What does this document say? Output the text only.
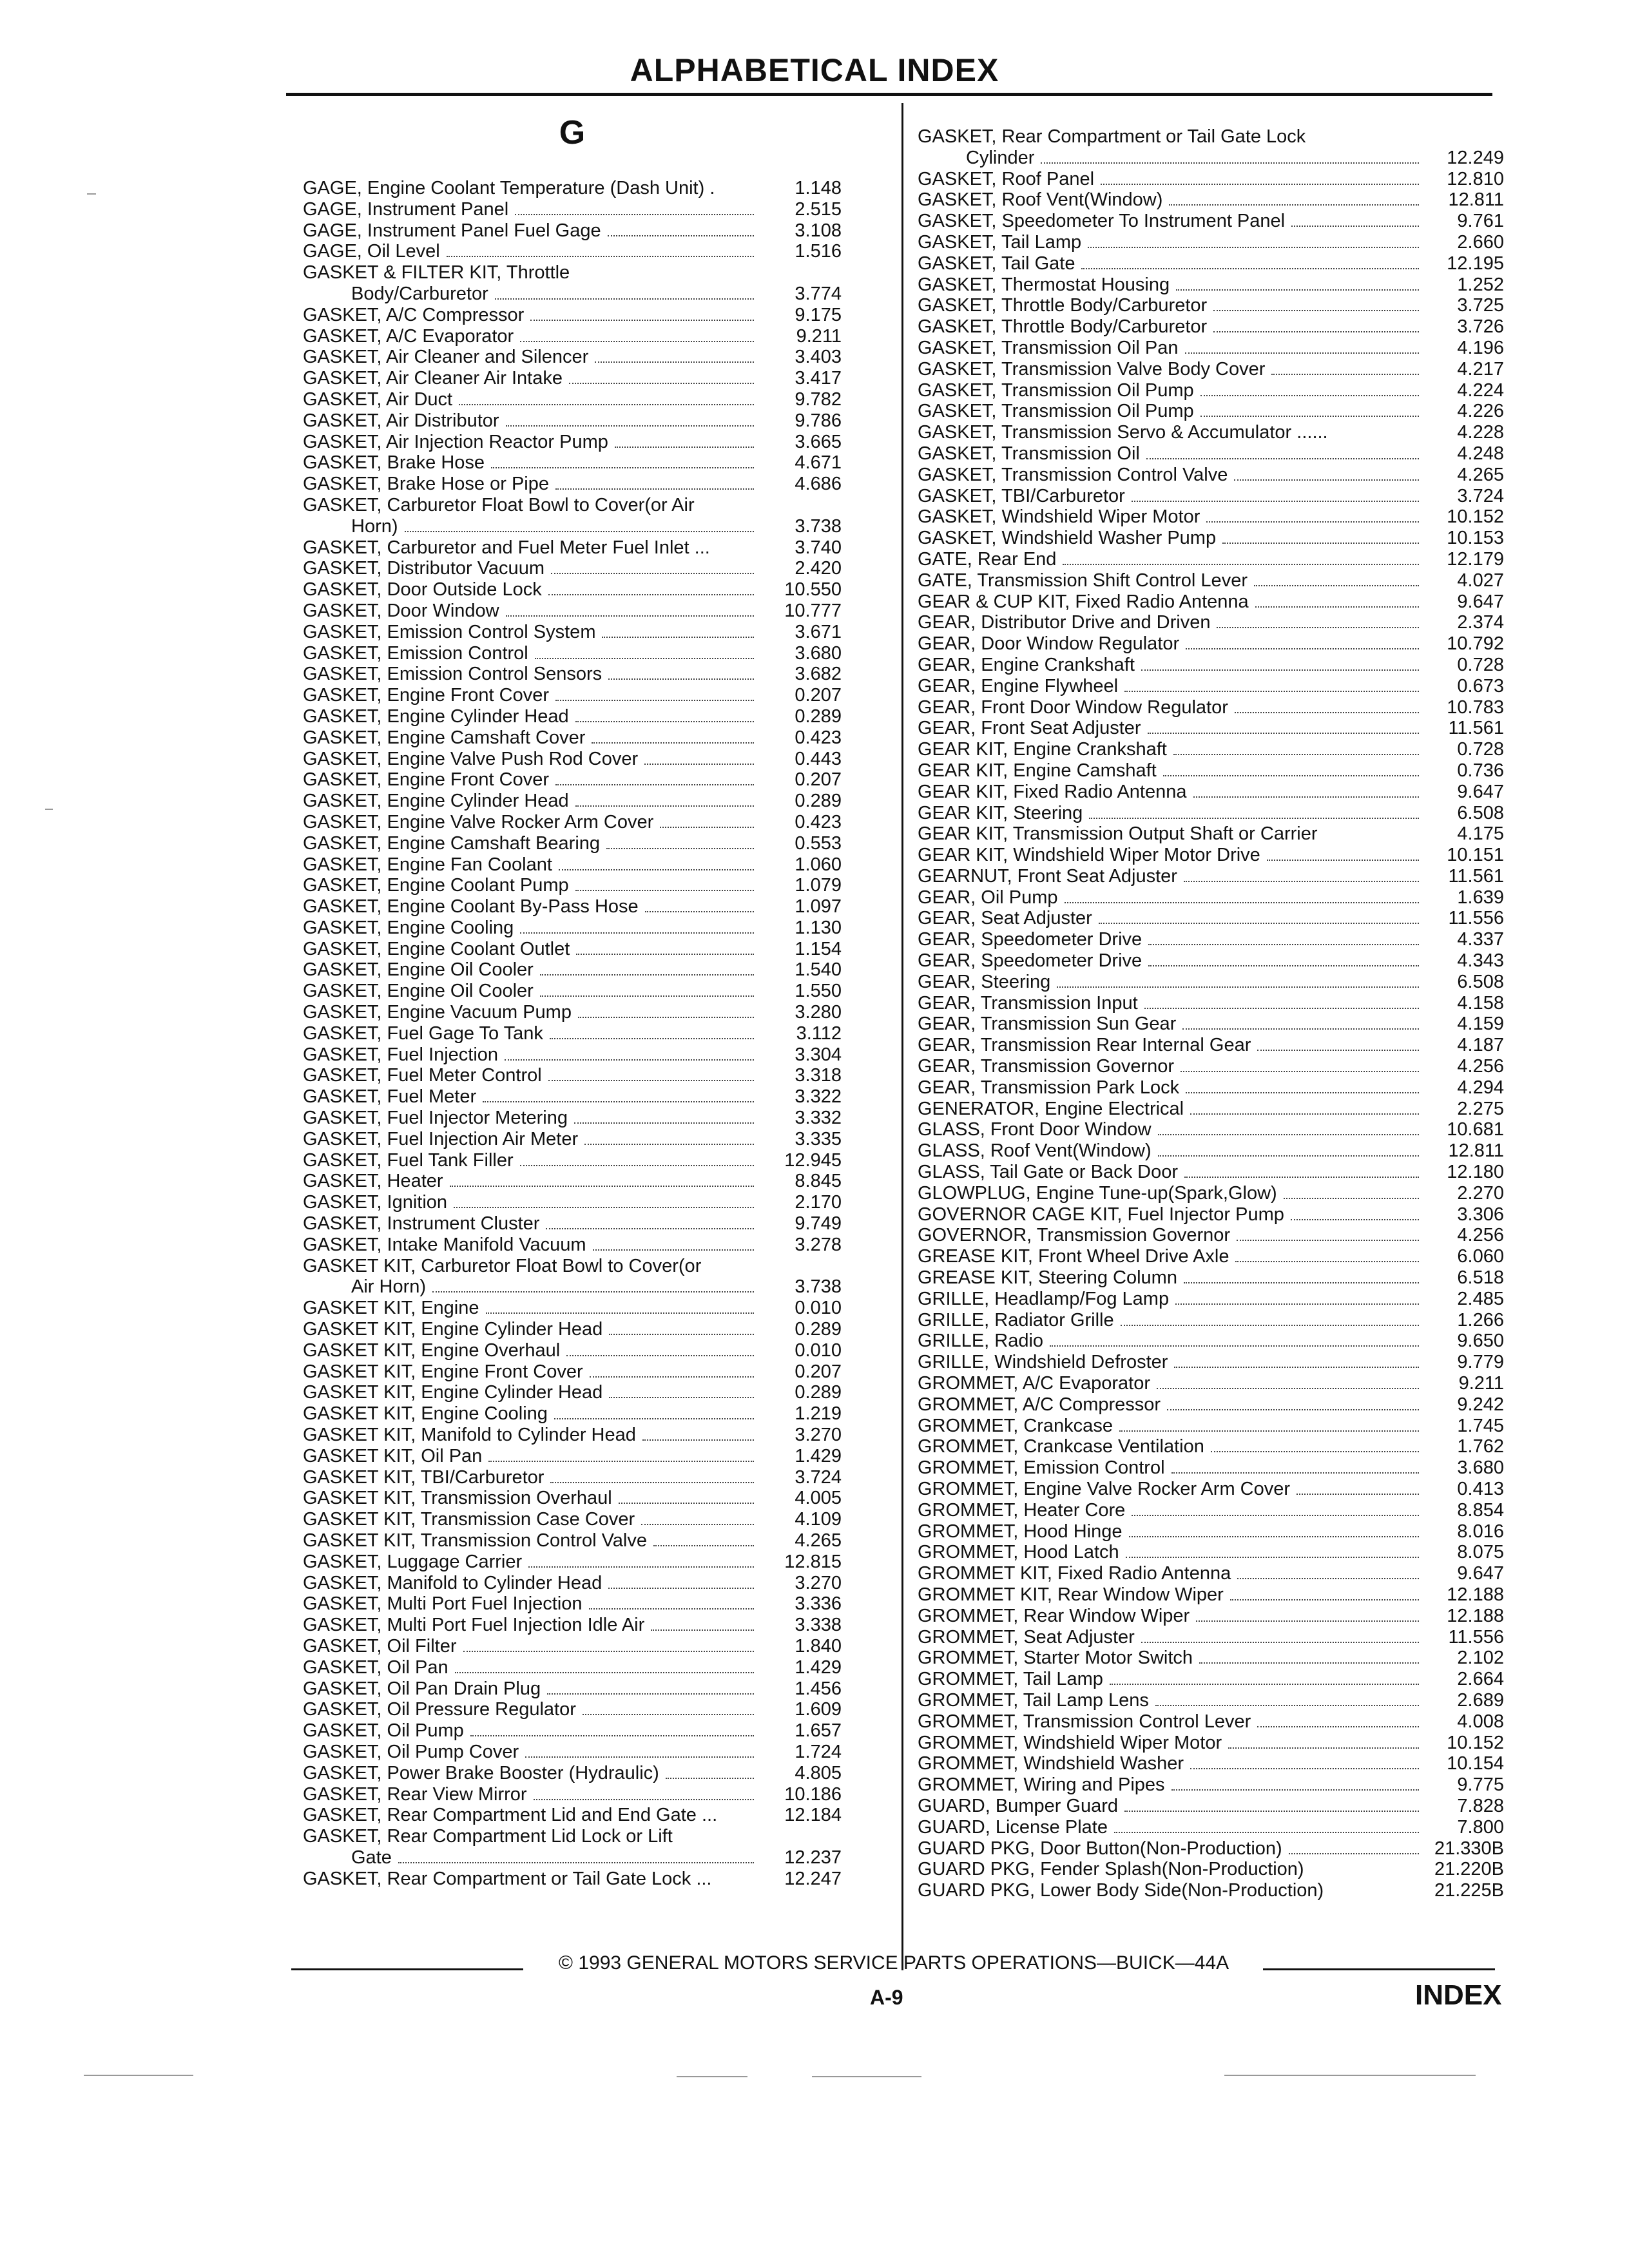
ALPHABETICAL INDEX
G
GAGE, Engine Coolant Temperature (Dash Unit) .	1.148
GAGE, Instrument Panel	2.515
GAGE, Instrument Panel Fuel Gage	3.108
GAGE, Oil Level	1.516
GASKET & FILTER KIT, Throttle
Body/Carburetor	3.774
GASKET, A/C Compressor	9.175
GASKET, A/C Evaporator	9.211
GASKET, Air Cleaner and Silencer	3.403
GASKET, Air Cleaner Air Intake	3.417
GASKET, Air Duct	9.782
GASKET, Air Distributor	9.786
GASKET, Air Injection Reactor Pump	3.665
GASKET, Brake Hose	4.671
GASKET, Brake Hose or Pipe	4.686
GASKET, Carburetor Float Bowl to Cover(or Air
Horn)	3.738
GASKET, Carburetor and Fuel Meter Fuel Inlet ...	3.740
GASKET, Distributor Vacuum	2.420
GASKET, Door Outside Lock	10.550
GASKET, Door Window	10.777
GASKET, Emission Control System	3.671
GASKET, Emission Control	3.680
GASKET, Emission Control Sensors	3.682
GASKET, Engine Front Cover	0.207
GASKET, Engine Cylinder Head	0.289
GASKET, Engine Camshaft Cover	0.423
GASKET, Engine Valve Push Rod Cover	0.443
GASKET, Engine Front Cover	0.207
GASKET, Engine Cylinder Head	0.289
GASKET, Engine Valve Rocker Arm Cover	0.423
GASKET, Engine Camshaft Bearing	0.553
GASKET, Engine Fan Coolant	1.060
GASKET, Engine Coolant Pump	1.079
GASKET, Engine Coolant By-Pass Hose	1.097
GASKET, Engine Cooling	1.130
GASKET, Engine Coolant Outlet	1.154
GASKET, Engine Oil Cooler	1.540
GASKET, Engine Oil Cooler	1.550
GASKET, Engine Vacuum Pump	3.280
GASKET, Fuel Gage To Tank	3.112
GASKET, Fuel Injection	3.304
GASKET, Fuel Meter Control	3.318
GASKET, Fuel Meter	3.322
GASKET, Fuel Injector Metering	3.332
GASKET, Fuel Injection Air Meter	3.335
GASKET, Fuel Tank Filler	12.945
GASKET, Heater	8.845
GASKET, Ignition	2.170
GASKET, Instrument Cluster	9.749
GASKET, Intake Manifold Vacuum	3.278
GASKET KIT, Carburetor Float Bowl to Cover(or
Air Horn)	3.738
GASKET KIT, Engine	0.010
GASKET KIT, Engine Cylinder Head	0.289
GASKET KIT, Engine Overhaul	0.010
GASKET KIT, Engine Front Cover	0.207
GASKET KIT, Engine Cylinder Head	0.289
GASKET KIT, Engine Cooling	1.219
GASKET KIT, Manifold to Cylinder Head	3.270
GASKET KIT, Oil Pan	1.429
GASKET KIT, TBI/Carburetor	3.724
GASKET KIT, Transmission Overhaul	4.005
GASKET KIT, Transmission Case Cover	4.109
GASKET KIT, Transmission Control Valve	4.265
GASKET, Luggage Carrier	12.815
GASKET, Manifold to Cylinder Head	3.270
GASKET, Multi Port Fuel Injection	3.336
GASKET, Multi Port Fuel Injection Idle Air	3.338
GASKET, Oil Filter	1.840
GASKET, Oil Pan	1.429
GASKET, Oil Pan Drain Plug	1.456
GASKET, Oil Pressure Regulator	1.609
GASKET, Oil Pump	1.657
GASKET, Oil Pump Cover	1.724
GASKET, Power Brake Booster (Hydraulic)	4.805
GASKET, Rear View Mirror	10.186
GASKET, Rear Compartment Lid and End Gate ...	12.184
GASKET, Rear Compartment Lid Lock or Lift
Gate	12.237
GASKET, Rear Compartment or Tail Gate Lock ...	12.247
GASKET, Rear Compartment or Tail Gate Lock
Cylinder	12.249
GASKET, Roof Panel	12.810
GASKET, Roof Vent(Window)	12.811
GASKET, Speedometer To Instrument Panel	9.761
GASKET, Tail Lamp	2.660
GASKET, Tail Gate	12.195
GASKET, Thermostat Housing	1.252
GASKET, Throttle Body/Carburetor	3.725
GASKET, Throttle Body/Carburetor	3.726
GASKET, Transmission Oil Pan	4.196
GASKET, Transmission Valve Body Cover	4.217
GASKET, Transmission Oil Pump	4.224
GASKET, Transmission Oil Pump	4.226
GASKET, Transmission Servo & Accumulator ......	4.228
GASKET, Transmission Oil	4.248
GASKET, Transmission Control Valve	4.265
GASKET, TBI/Carburetor	3.724
GASKET, Windshield Wiper Motor	10.152
GASKET, Windshield Washer Pump	10.153
GATE, Rear End	12.179
GATE, Transmission Shift Control Lever	4.027
GEAR & CUP KIT, Fixed Radio Antenna	9.647
GEAR, Distributor Drive and Driven	2.374
GEAR, Door Window Regulator	10.792
GEAR, Engine Crankshaft	0.728
GEAR, Engine Flywheel	0.673
GEAR, Front Door Window Regulator	10.783
GEAR, Front Seat Adjuster	11.561
GEAR KIT, Engine Crankshaft	0.728
GEAR KIT, Engine Camshaft	0.736
GEAR KIT, Fixed Radio Antenna	9.647
GEAR KIT, Steering	6.508
GEAR KIT, Transmission Output Shaft or Carrier	4.175
GEAR KIT, Windshield Wiper Motor Drive	10.151
GEARNUT, Front Seat Adjuster	11.561
GEAR, Oil Pump	1.639
GEAR, Seat Adjuster	11.556
GEAR, Speedometer Drive	4.337
GEAR, Speedometer Drive	4.343
GEAR, Steering	6.508
GEAR, Transmission Input	4.158
GEAR, Transmission Sun Gear	4.159
GEAR, Transmission Rear Internal Gear	4.187
GEAR, Transmission Governor	4.256
GEAR, Transmission Park Lock	4.294
GENERATOR, Engine Electrical	2.275
GLASS, Front Door Window	10.681
GLASS, Roof Vent(Window)	12.811
GLASS, Tail Gate or Back Door	12.180
GLOWPLUG, Engine Tune-up(Spark,Glow)	2.270
GOVERNOR CAGE KIT, Fuel Injector Pump	3.306
GOVERNOR, Transmission Governor	4.256
GREASE KIT, Front Wheel Drive Axle	6.060
GREASE KIT, Steering Column	6.518
GRILLE, Headlamp/Fog Lamp	2.485
GRILLE, Radiator Grille	1.266
GRILLE, Radio	9.650
GRILLE, Windshield Defroster	9.779
GROMMET, A/C Evaporator	9.211
GROMMET, A/C Compressor	9.242
GROMMET, Crankcase	1.745
GROMMET, Crankcase Ventilation	1.762
GROMMET, Emission Control	3.680
GROMMET, Engine Valve Rocker Arm Cover	0.413
GROMMET, Heater Core	8.854
GROMMET, Hood Hinge	8.016
GROMMET, Hood Latch	8.075
GROMMET KIT, Fixed Radio Antenna	9.647
GROMMET KIT, Rear Window Wiper	12.188
GROMMET, Rear Window Wiper	12.188
GROMMET, Seat Adjuster	11.556
GROMMET, Starter Motor Switch	2.102
GROMMET, Tail Lamp	2.664
GROMMET, Tail Lamp Lens	2.689
GROMMET, Transmission Control Lever	4.008
GROMMET, Windshield Wiper Motor	10.152
GROMMET, Windshield Washer	10.154
GROMMET, Wiring and Pipes	9.775
GUARD, Bumper Guard	7.828
GUARD, License Plate	7.800
GUARD PKG, Door Button(Non-Production)	21.330B
GUARD PKG, Fender Splash(Non-Production)	21.220B
GUARD PKG, Lower Body Side(Non-Production)	21.225B
© 1993 GENERAL MOTORS SERVICE PARTS OPERATIONS—BUICK—44A
A-9	INDEX
